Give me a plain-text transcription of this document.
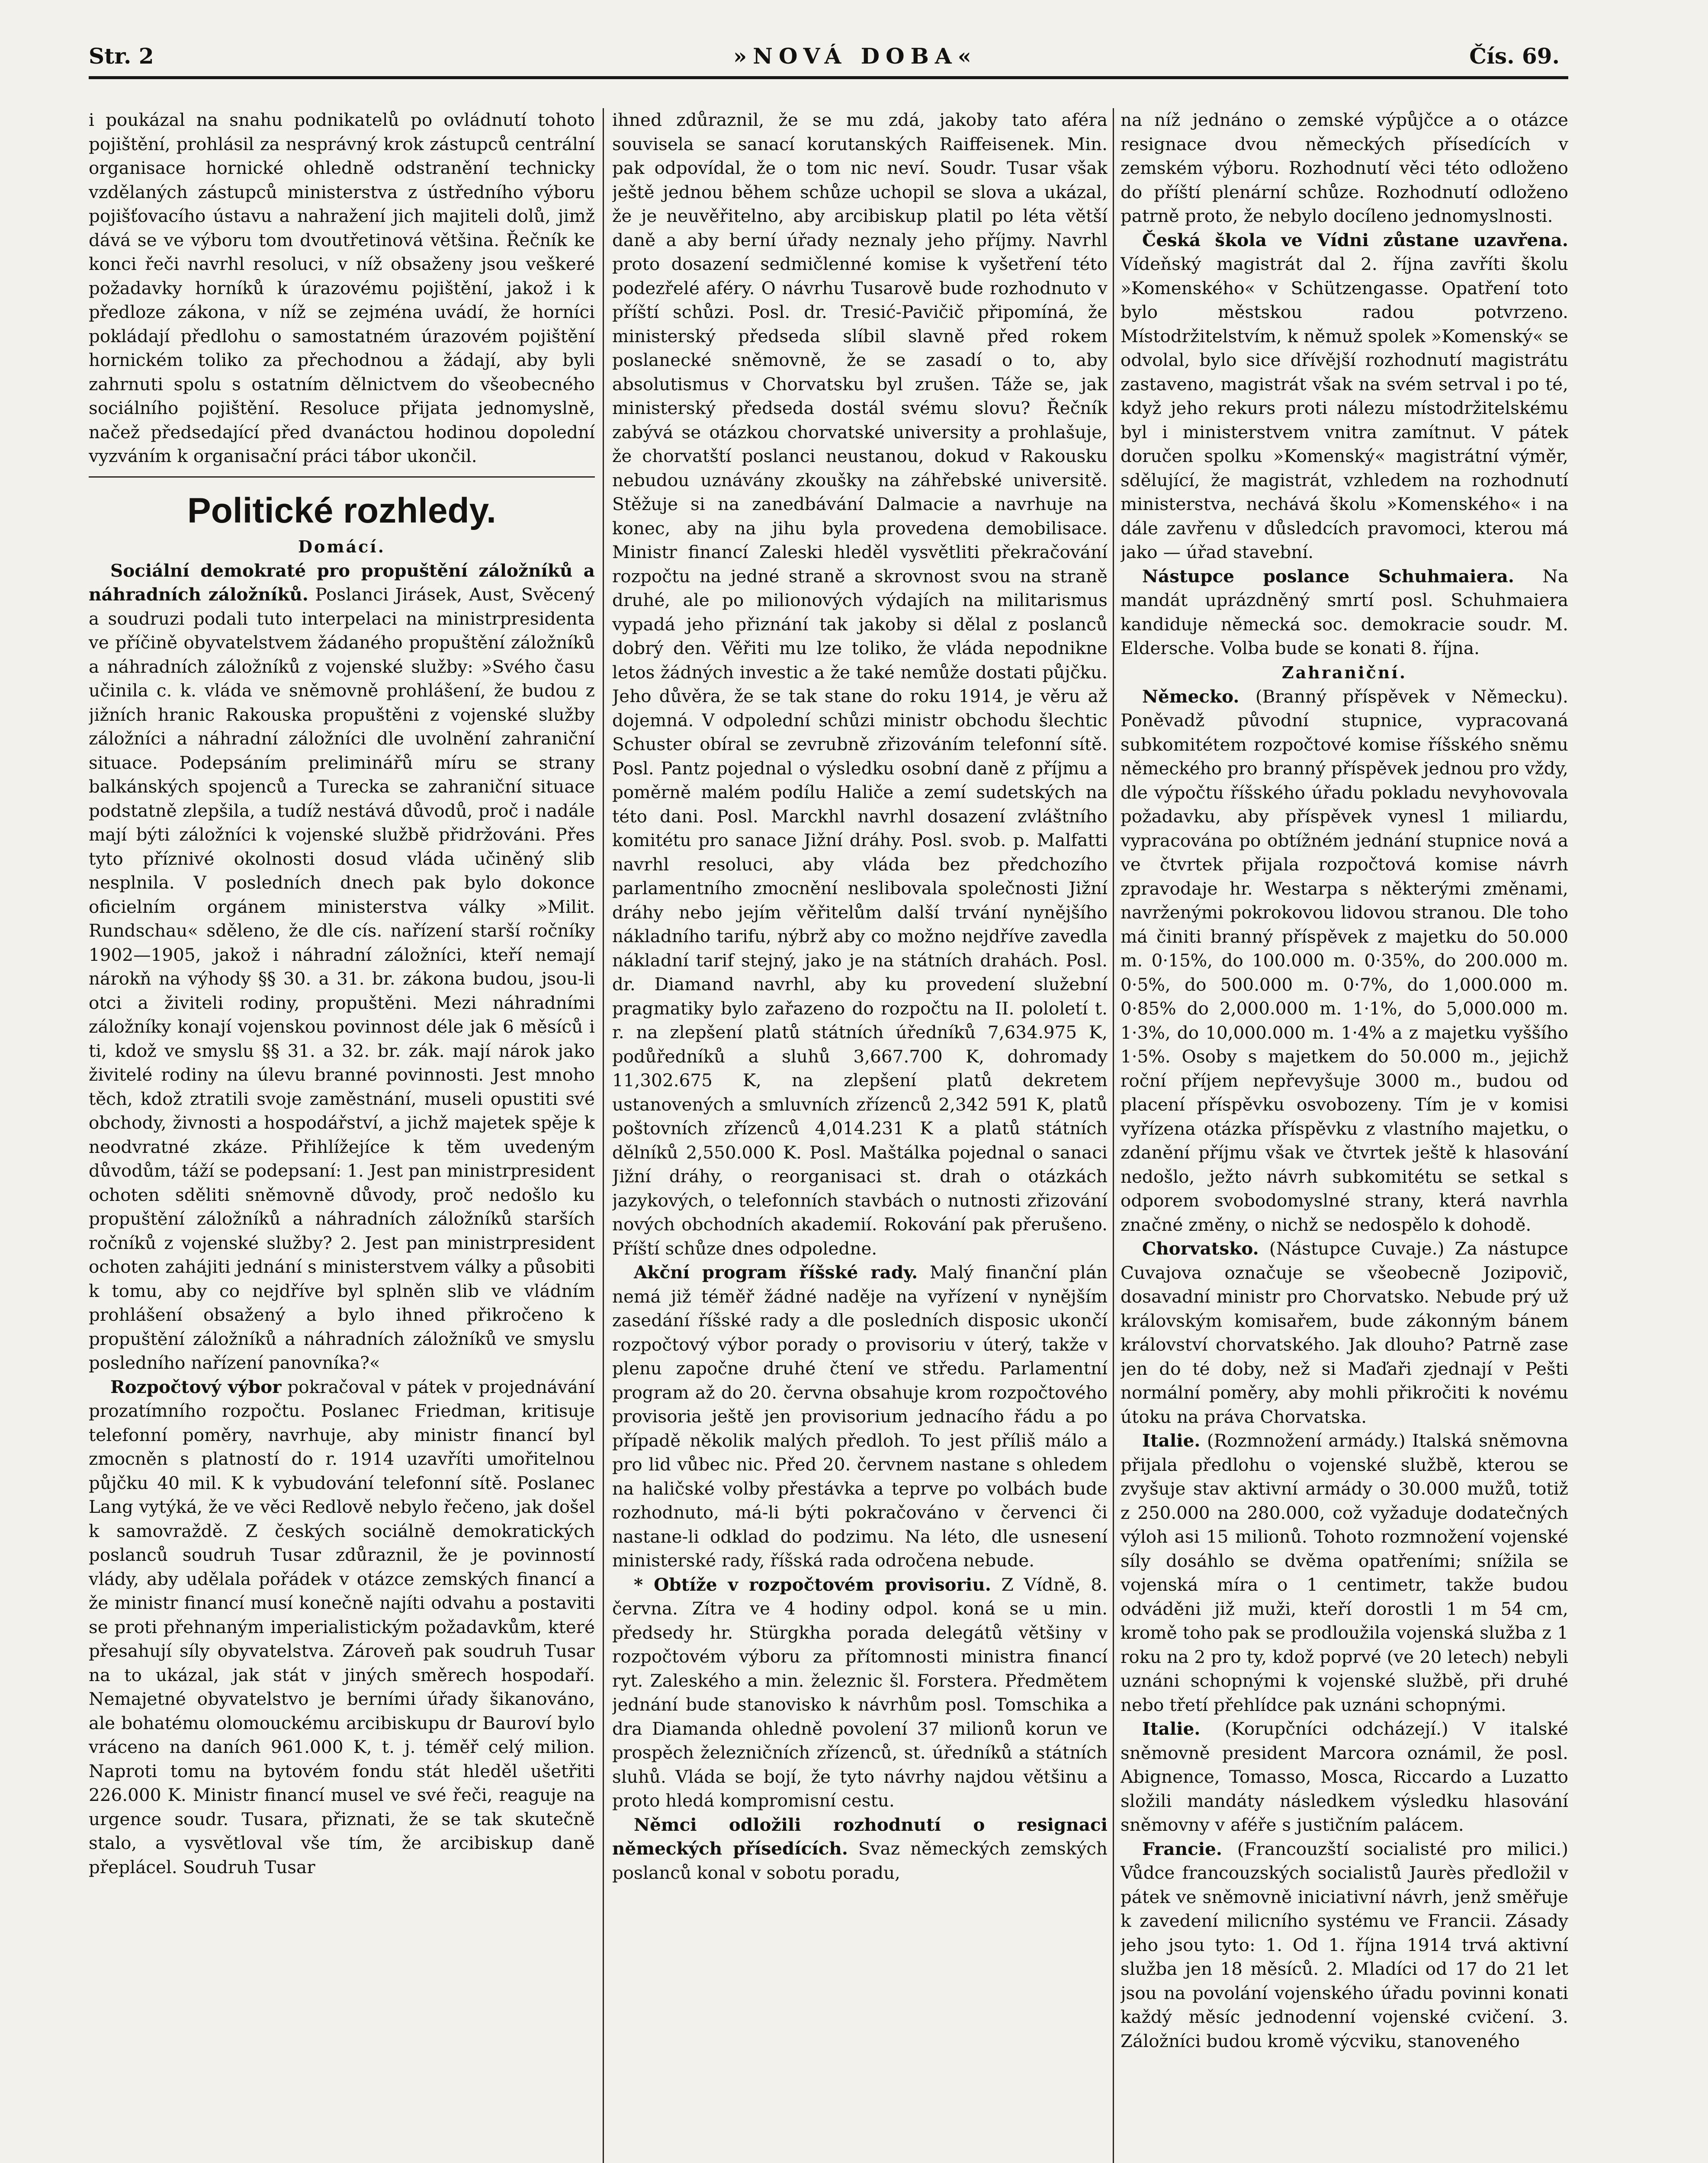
Str. 2	»NOVÁ DOBA«	Čís. 69.

i poukázal na snahu podnikatelů po ovládnutí tohoto pojištění, prohlásil za nesprávný krok zástupců centrální organisace hornické ohledně odstranění technicky vzdělaných zástupců ministerstva z ústředního výboru pojišťovacího ústavu a nahražení jich majiteli dolů, jimž dává se ve výboru tom dvoutřetinová většina. Řečník ke konci řeči navrhl resoluci, v níž obsaženy jsou veškeré požadavky horníků k úrazovému pojištění, jakož i k předloze zákona, v níž se zejména uvádí, že horníci pokládají předlohu o samostatném úrazovém pojištění hornickém toliko za přechodnou a žádají, aby byli zahrnuti spolu s ostatním dělnictvem do všeobecného sociálního pojištění. Resoluce přijata jednomyslně, načež předsedající před dvanáctou hodinou dopolední vyzváním k organisační práci tábor ukončil.

Politické rozhledy.
Domácí.

Sociální demokraté pro propuštění záložníků a náhradních záložníků. Poslanci Jirásek, Aust, Svěcený a soudruzi podali tuto interpelaci na ministrpresidenta ve příčině obyvatelstvem žádaného propuštění záložníků a náhradních záložníků z vojenské služby: »Svého času učinila c. k. vláda ve sněmovně prohlášení, že budou z jižních hranic Rakouska propuštěni z vojenské služby záložníci a náhradní záložníci dle uvolnění zahraniční situace. Podepsáním preliminářů míru se strany balkánských spojenců a Turecka se zahraniční situace podstatně zlepšila, a tudíž nestává důvodů, proč i nadále mají býti záložníci k vojenské službě přidržováni. Přes tyto příznivé okolnosti dosud vláda učiněný slib nesplnila. V posledních dnech pak bylo dokonce oficielním orgánem ministerstva války »Milit. Rundschau« sděleno, že dle cís. nařízení starší ročníky 1902—1905, jakož i náhradní záložníci, kteří nemají nárokň na výhody §§ 30. a 31. br. zákona budou, jsou-li otci a živiteli rodiny, propuštěni. Mezi náhradními záložníky konají vojenskou povinnost déle jak 6 měsíců i ti, kdož ve smyslu §§ 31. a 32. br. zák. mají nárok jako živitelé rodiny na úlevu branné povinnosti. Jest mnoho těch, kdož ztratili svoje zaměstnání, museli opustiti své obchody, živnosti a hospodářství, a jichž majetek spěje k neodvratné zkáze. Přihlížejíce k těm uvedeným důvodům, táží se podepsaní: 1. Jest pan ministrpresident ochoten sděliti sněmovně důvody, proč nedošlo ku propuštění záložníků a náhradních záložníků starších ročníků z vojenské služby? 2. Jest pan ministrpresident ochoten zahájiti jednání s ministerstvem války a působiti k tomu, aby co nejdříve byl splněn slib ve vládním prohlášení obsažený a bylo ihned přikročeno k propuštění záložníků a náhradních záložníků ve smyslu posledního nařízení panovníka?«

Rozpočtový výbor pokračoval v pátek v projednávání prozatímního rozpočtu. Poslanec Friedman, kritisuje telefonní poměry, navrhuje, aby ministr financí byl zmocněn s platností do r. 1914 uzavříti umořitelnou půjčku 40 mil. K k vybudování telefonní sítě. Poslanec Lang vytýká, že ve věci Redlově nebylo řečeno, jak došel k samovraždě. Z českých sociálně demokratických poslanců soudruh Tusar zdůraznil, že je povinností vlády, aby udělala pořádek v otázce zemských financí a že ministr financí musí konečně najíti odvahu a postaviti se proti přehnaným imperialistickým požadavkům, které přesahují síly obyvatelstva. Zároveň pak soudruh Tusar na to ukázal, jak stát v jiných směrech hospodaří. Nemajetné obyvatelstvo je berními úřady šikanováno, ale bohatému olomouckému arcibiskupu dr Bauroví bylo vráceno na daních 961.000 K, t. j. téměř celý milion. Naproti tomu na bytovém fondu stát hleděl ušetřiti 226.000 K. Ministr financí musel ve své řeči, reaguje na urgence soudr. Tusara, přiznati, že se tak skutečně stalo, a vysvětloval vše tím, že arcibiskup daně přeplácel. Soudruh Tusar

ihned zdůraznil, že se mu zdá, jakoby tato aféra souvisela se sanací korutanských Raiffeisenek. Min. pak odpovídal, že o tom nic neví. Soudr. Tusar však ještě jednou během schůze uchopil se slova a ukázal, že je neuvěřitelno, aby arcibiskup platil po léta větší daně a aby berní úřady neznaly jeho příjmy. Navrhl proto dosazení sedmičlenné komise k vyšetření této podezřelé aféry. O návrhu Tusarově bude rozhodnuto v příští schůzi. Posl. dr. Tresić-Pavičič připomíná, že ministerský předseda slíbil slavně před rokem poslanecké sněmovně, že se zasadí o to, aby absolutismus v Chorvatsku byl zrušen. Táže se, jak ministerský předseda dostál svému slovu? Řečník zabývá se otázkou chorvatské university a prohlašuje, že chorvatští poslanci neustanou, dokud v Rakousku nebudou uznávány zkoušky na záhřebské universitě. Stěžuje si na zanedbávání Dalmacie a navrhuje na konec, aby na jihu byla provedena demobilisace. Ministr financí Zaleski hleděl vysvětliti překračování rozpočtu na jedné straně a skrovnost svou na straně druhé, ale po milionových výdajích na militarismus vypadá jeho přiznání tak jakoby si dělal z poslanců dobrý den. Věřiti mu lze toliko, že vláda nepodnikne letos žádných investic a že také nemůže dostati půjčku. Jeho důvěra, že se tak stane do roku 1914, je věru až dojemná. V odpolední schůzi ministr obchodu šlechtic Schuster obíral se zevrubně zřizováním telefonní sítě. Posl. Pantz pojednal o výsledku osobní daně z příjmu a poměrně malém podílu Haliče a zemí sudetských na této dani. Posl. Marckhl navrhl dosazení zvláštního komitétu pro sanace Jižní dráhy. Posl. svob. p. Malfatti navrhl resoluci, aby vláda bez předchozího parlamentního zmocnění neslibovala společnosti Jižní dráhy nebo jejím věřitelům další trvání nynějšího nákladního tarifu, nýbrž aby co možno nejdříve zavedla nákladní tarif stejný, jako je na státních drahách. Posl. dr. Diamand navrhl, aby ku provedení služební pragmatiky bylo zařazeno do rozpočtu na II. pololetí t. r. na zlepšení platů státních úředníků 7,634.975 K, podůředníků a sluhů 3,667.700 K, dohromady 11,302.675 K, na zlepšení platů dekretem ustanovených a smluvních zřízenců 2,342 591 K, platů poštovních zřízenců 4,014.231 K a platů státních dělníků 2,550.000 K. Posl. Maštálka pojednal o sanaci Jižní dráhy, o reorganisaci st. drah o otázkách jazykových, o telefonních stavbách o nutnosti zřizování nových obchodních akademií. Rokování pak přerušeno. Příští schůze dnes odpoledne.

Akční program říšské rady. Malý finanční plán nemá již téměř žádné naděje na vyřízení v nynějším zasedání říšské rady a dle posledních disposic ukončí rozpočtový výbor porady o provisoriu v úterý, takže v plenu započne druhé čtení ve středu. Parlamentní program až do 20. června obsahuje krom rozpočtového provisoria ještě jen provisorium jednacího řádu a po případě několik malých předloh. To jest příliš málo a pro lid vůbec nic. Před 20. červnem nastane s ohledem na haličské volby přestávka a teprve po volbách bude rozhodnuto, má-li býti pokračováno v červenci či nastane-li odklad do podzimu. Na léto, dle usnesení ministerské rady, říšská rada odročena nebude.

* Obtíže v rozpočtovém provisoriu. Z Vídně, 8. června. Zítra ve 4 hodiny odpol. koná se u min. předsedy hr. Stürgkha porada delegátů většiny v rozpočtovém výboru za přítomnosti ministra financí ryt. Zaleského a min. železnic šl. Forstera. Předmětem jednání bude stanovisko k návrhům posl. Tomschika a dra Diamanda ohledně povolení 37 milionů korun ve prospěch železničních zřízenců, st. úředníků a státních sluhů. Vláda se bojí, že tyto návrhy najdou většinu a proto hledá kompromisní cestu.

Němci odložili rozhodnutí o resignaci německých přísedících. Svaz německých zemských poslanců konal v sobotu poradu,

na níž jednáno o zemské výpůjčce a o otázce resignace dvou německých přísedících v zemském výboru. Rozhodnutí věci této odloženo do příští plenární schůze. Rozhodnutí odloženo patrně proto, že nebylo docíleno jednomyslnosti.

Česká škola ve Vídni zůstane uzavřena. Vídeňský magistrát dal 2. října zavříti školu »Komenského« v Schützengasse. Opatření toto bylo městskou radou potvrzeno. Místodržitelstvím, k němuž spolek »Komenský« se odvolal, bylo sice dřívější rozhodnutí magistrátu zastaveno, magistrát však na svém setrval i po té, když jeho rekurs proti nálezu místodržitelskému byl i ministerstvem vnitra zamítnut. V pátek doručen spolku »Komenský« magistrátní výměr, sdělující, že magistrát, vzhledem na rozhodnutí ministerstva, nechává školu »Komenského« i na dále zavřenu v důsledcích pravomoci, kterou má jako — úřad stavební.

Nástupce poslance Schuhmaiera. Na mandát uprázdněný smrtí posl. Schuhmaiera kandiduje německá soc. demokracie soudr. M. Eldersche. Volba bude se konati 8. října.

Zahraniční.

Německo. (Branný příspěvek v Německu). Poněvadž původní stupnice, vypracovaná subkomitétem rozpočtové komise říšského sněmu německého pro branný příspěvek jednou pro vždy, dle výpočtu říšského úřadu pokladu nevyhovovala požadavku, aby příspěvek vynesl 1 miliardu, vypracována po obtížném jednání stupnice nová a ve čtvrtek přijala rozpočtová komise návrh zpravodaje hr. Westarpa s některými změnami, navrženými pokrokovou lidovou stranou. Dle toho má činiti branný příspěvek z majetku do 50.000 m. 0·15%, do 100.000 m. 0·35%, do 200.000 m. 0·5%, do 500.000 m. 0·7%, do 1,000.000 m. 0·85% do 2,000.000 m. 1·1%, do 5,000.000 m. 1·3%, do 10,000.000 m. 1·4% a z majetku vyššího 1·5%. Osoby s majetkem do 50.000 m., jejichž roční příjem nepřevyšuje 3000 m., budou od placení příspěvku osvobozeny. Tím je v komisi vyřízena otázka příspěvku z vlastního majetku, o zdanění příjmu však ve čtvrtek ještě k hlasování nedošlo, ježto návrh subkomitétu se setkal s odporem svobodomyslné strany, která navrhla značné změny, o nichž se nedospělo k dohodě.

Chorvatsko. (Nástupce Cuvaje.) Za nástupce Cuvajova označuje se všeobecně Jozipovič, dosavadní ministr pro Chorvatsko. Nebude prý už královským komisařem, bude zákonným bánem království chorvatského. Jak dlouho? Patrně zase jen do té doby, než si Maďaři zjednají v Pešti normální poměry, aby mohli přikročiti k novému útoku na práva Chorvatska.

Italie. (Rozmnožení armády.) Italská sněmovna přijala předlohu o vojenské službě, kterou se zvyšuje stav aktivní armády o 30.000 mužů, totiž z 250.000 na 280.000, což vyžaduje dodatečných výloh asi 15 milionů. Tohoto rozmnožení vojenské síly dosáhlo se dvěma opatřeními; snížila se vojenská míra o 1 centimetr, takže budou odváděni již muži, kteří dorostli 1 m 54 cm, kromě toho pak se prodloužila vojenská služba z 1 roku na 2 pro ty, kdož poprvé (ve 20 letech) nebyli uznáni schopnými k vojenské službě, při druhé nebo třetí přehlídce pak uznáni schopnými.

Italie. (Korupčníci odcházejí.) V italské sněmovně president Marcora oznámil, že posl. Abignence, Tomasso, Mosca, Riccardo a Luzatto složili mandáty následkem výsledku hlasování sněmovny v aféře s justičním palácem.

Francie. (Francouzští socialisté pro milici.) Vůdce francouzských socialistů Jaurès předložil v pátek ve sněmovně iniciativní návrh, jenž směřuje k zavedení milicního systému ve Francii. Zásady jeho jsou tyto: 1. Od 1. října 1914 trvá aktivní služba jen 18 měsíců. 2. Mladíci od 17 do 21 let jsou na povolání vojenského úřadu povinni konati každý měsíc jednodenní vojenské cvičení. 3. Záložníci budou kromě výcviku, stanoveného
